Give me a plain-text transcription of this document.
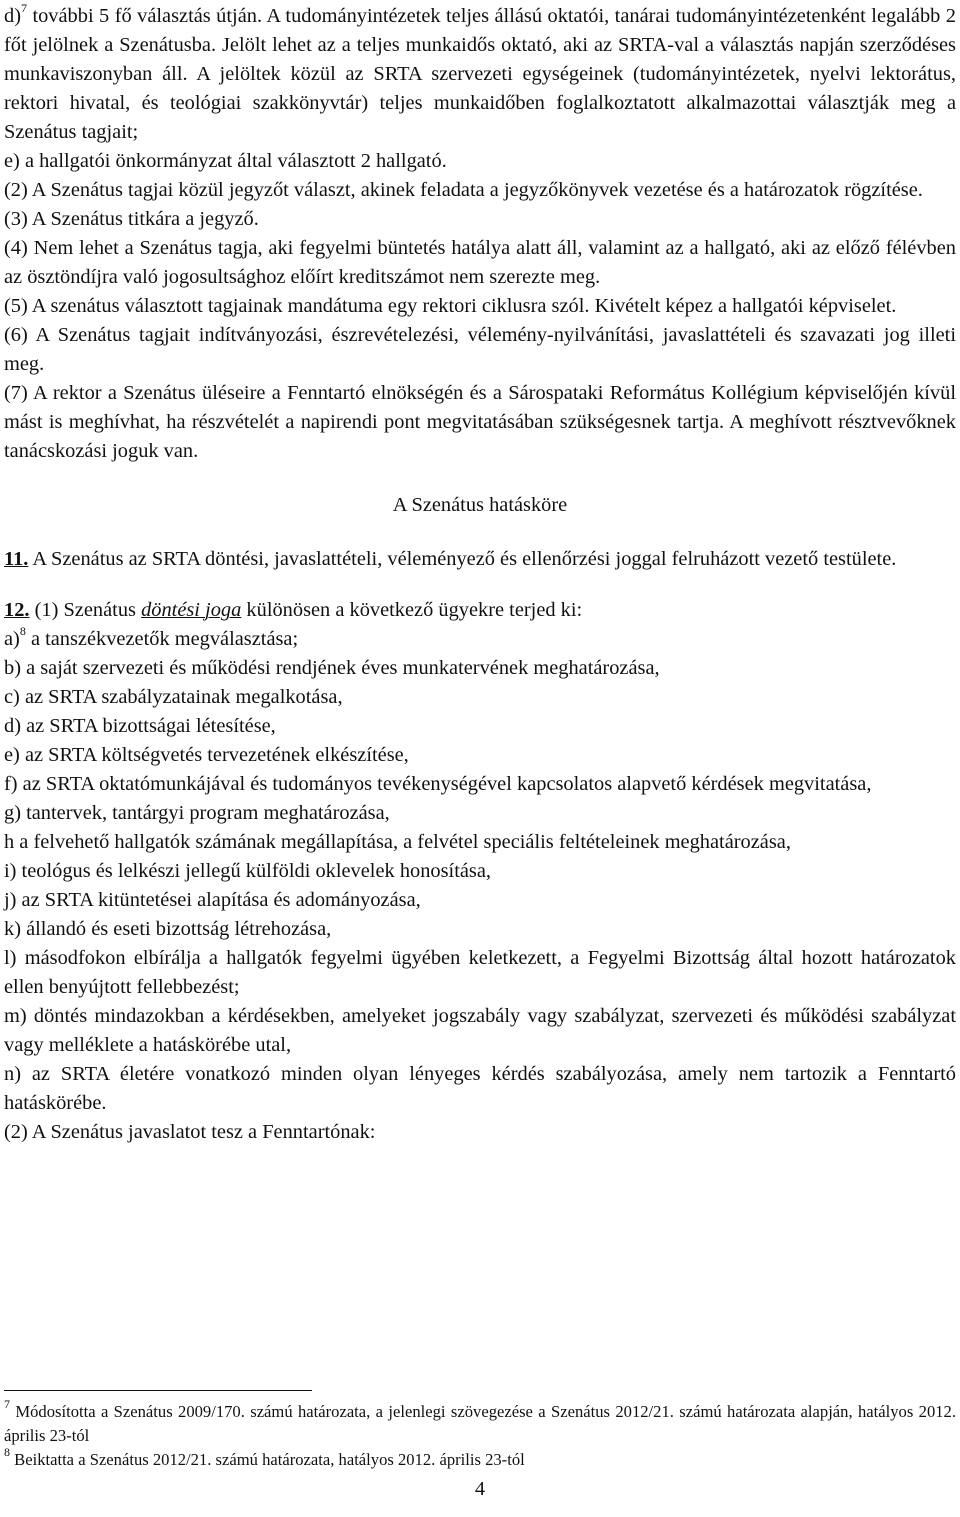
d)$^7$ további 5 fő választás útján. A tudományintézetek teljes állású oktatói, tanárai tudományintézetenként legalább 2 főt jelölnek a Szenátusba. Jelölt lehet az a teljes munkaidős oktató, aki az SRTA-val a választás napján szerződéses munkaviszonyban áll. A jelöltek közül az SRTA szervezeti egységeinek (tudományintézetek, nyelvi lektorátus, rektori hivatal, és teológiai szakkönyvtár) teljes munkaidőben foglalkoztatott alkalmazottai választják meg a Szenátus tagjait;

e) a hallgatói önkormányzat által választott 2 hallgató.

(2) A Szenátus tagjai közül jegyzőt választ, akinek feladata a jegyzőkönyvek vezetése és a határozatok rögzítése.

(3) A Szenátus titkára a jegyző.

(4) Nem lehet a Szenátus tagja, aki fegyelmi büntetés hatálya alatt áll, valamint az a hallgató, aki az előző félévben az ösztöndíjra való jogosultsághoz előírt kreditszámot nem szerezte meg.

(5) A szenátus választott tagjainak mandátuma egy rektori ciklusra szól. Kivételt képez a hallgatói képviselet.

(6) A Szenátus tagjait indítványozási, észrevételezési, vélemény-nyilvánítási, javaslattételi és szavazati jog illeti meg.

(7) A rektor a Szenátus üléseire a Fenntartó elnökségén és a Sárospataki Református Kollégium képviselőjén kívül mást is meghívhat, ha részvételét a napirendi pont megvitatásában szükségesnek tartja. A meghívott résztvevőknek tanácskozási joguk van.

A Szenátus hatásköre

11. A Szenátus az SRTA döntési, javaslattételi, véleményező és ellenőrzési joggal felruházott vezető testülete.

12. (1) Szenátus döntési joga különösen a következő ügyekre terjed ki:

a)$^8$ a tanszékvezetők megválasztása;

b) a saját szervezeti és működési rendjének éves munkatervének meghatározása,

c) az SRTA szabályzatainak megalkotása,

d) az SRTA bizottságai létesítése,

e) az SRTA költségvetés tervezetének elkészítése,

f) az SRTA oktatómunkájával és tudományos tevékenységével kapcsolatos alapvető kérdések megvitatása,

g) tantervek, tantárgyi program meghatározása,

h a felvehető hallgatók számának megállapítása, a felvétel speciális feltételeinek meghatározása,

i) teológus és lelkészi jellegű külföldi oklevelek honosítása,

j) az SRTA kitüntetései alapítása és adományozása,

k) állandó és eseti bizottság létrehozása,

l) másodfokon elbírálja a hallgatók fegyelmi ügyében keletkezett, a Fegyelmi Bizottság által hozott határozatok ellen benyújtott fellebbezést;

m) döntés mindazokban a kérdésekben, amelyeket jogszabály vagy szabályzat, szervezeti és működési szabályzat vagy melléklete a hatáskörébe utal,

n) az SRTA életére vonatkozó minden olyan lényeges kérdés szabályozása, amely nem tartozik a Fenntartó hatáskörébe.

(2) A Szenátus javaslatot tesz a Fenntartónak:

$^7$ Módosította a Szenátus 2009/170. számú határozata, a jelenlegi szövegezése a Szenátus 2012/21. számú határozata alapján, hatályos 2012. április 23-tól

$^8$ Beiktatta a Szenátus 2012/21. számú határozata, hatályos 2012. április 23-tól

4
